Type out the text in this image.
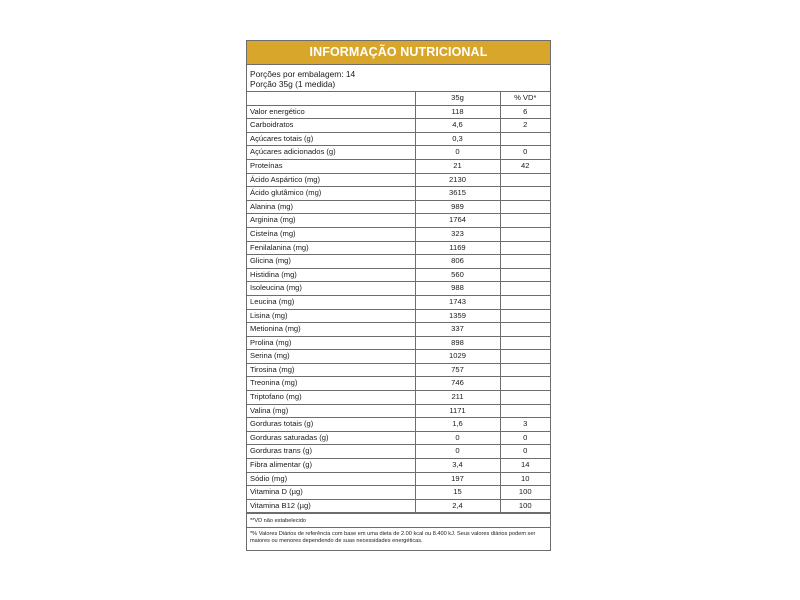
INFORMAÇÃO NUTRICIONAL
Porções por embalagem: 14
Porção 35g (1 medida)
	35g	% VD*
Valor energético	118	6
Carboidratos	4,6	2
Açúcares totais (g)	0,3	
Açúcares adicionados (g)	0	0
Proteínas	21	42
Ácido Aspártico (mg)	2130	
Ácido glutâmico (mg)	3615	
Alanina (mg)	989	
Arginina (mg)	1764	
Cisteína (mg)	323	
Fenilalanina (mg)	1169	
Glicina (mg)	806	
Histidina (mg)	560	
Isoleucina (mg)	988	
Leucina (mg)	1743	
Lisina (mg)	1359	
Metionina (mg)	337	
Prolina (mg)	898	
Serina (mg)	1029	
Tirosina (mg)	757	
Treonina (mg)	746	
Triptofano (mg)	211	
Valina (mg)	1171	
Gorduras totais (g)	1,6	3
Gorduras saturadas (g)	0	0
Gorduras trans (g)	0	0
Fibra alimentar (g)	3,4	14
Sódio (mg)	197	10
Vitamina D (µg)	15	100
Vitamina B12 (µg)	2,4	100
**VD não estabelecido
*% Valores Diários de referência com base em uma dieta de 2.00 kcal ou 8.400 kJ. Seus valores diários podem ser maiores ou menores dependendo de suas necessidades energéticas.
